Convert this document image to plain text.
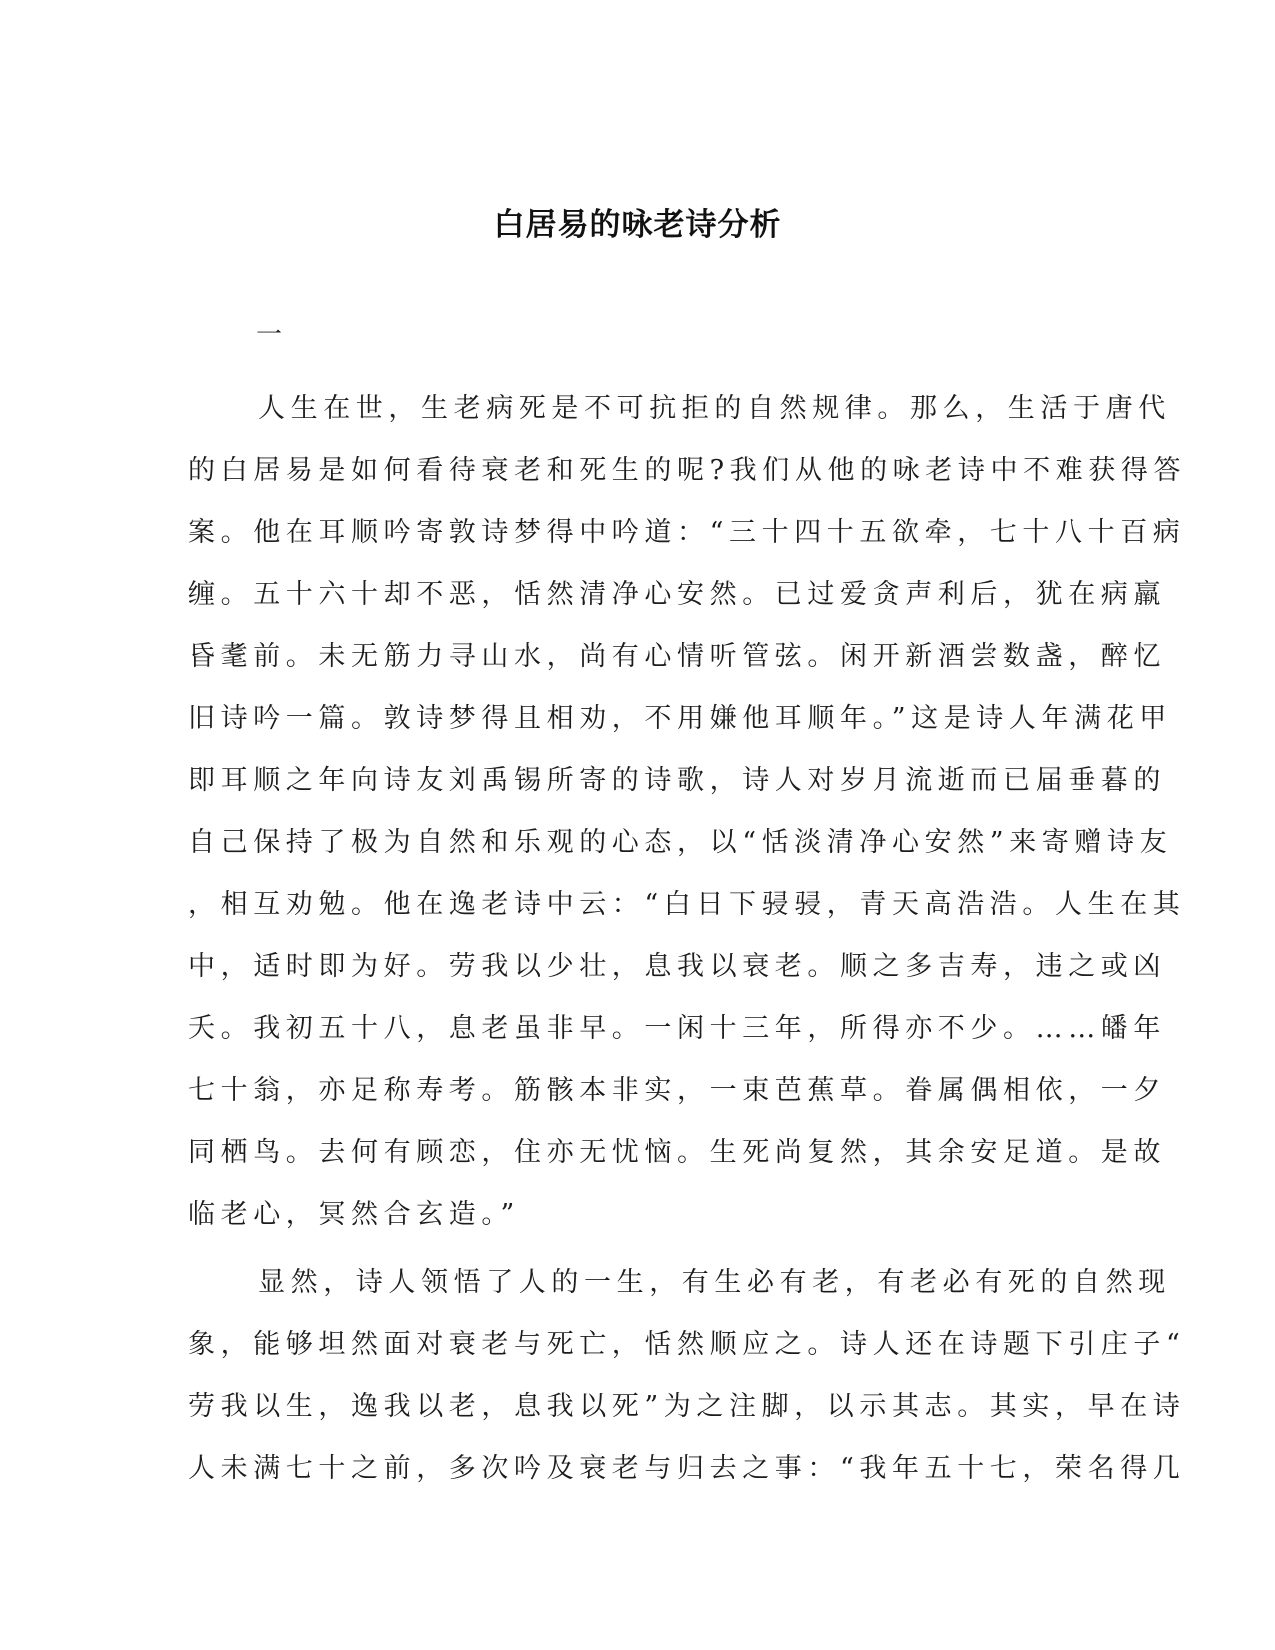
白居易的咏老诗分析
一
人生在世，生老病死是不可抗拒的自然规律。那么，生活于唐代
的白居易是如何看待衰老和死生的呢?我们从他的咏老诗中不难获得答
案。他在耳顺吟寄敦诗梦得中吟道：“三十四十五欲牵，七十八十百病
缠。五十六十却不恶，恬然清净心安然。已过爱贪声利后，犹在病羸
昏耄前。未无筋力寻山水，尚有心情听管弦。闲开新酒尝数盏，醉忆
旧诗吟一篇。敦诗梦得且相劝，不用嫌他耳顺年。”这是诗人年满花甲
即耳顺之年向诗友刘禹锡所寄的诗歌，诗人对岁月流逝而已届垂暮的
自己保持了极为自然和乐观的心态，以“恬淡清净心安然”来寄赠诗友
，相互劝勉。他在逸老诗中云：“白日下骎骎，青天高浩浩。人生在其
中，适时即为好。劳我以少壮，息我以衰老。顺之多吉寿，违之或凶
夭。我初五十八，息老虽非早。一闲十三年，所得亦不少。……皤年
七十翁，亦足称寿考。筋骸本非实，一束芭蕉草。眷属偶相依，一夕
同栖鸟。去何有顾恋，住亦无忧恼。生死尚复然，其余安足道。是故
临老心，冥然合玄造。”
显然，诗人领悟了人的一生，有生必有老，有老必有死的自然现
象，能够坦然面对衰老与死亡，恬然顺应之。诗人还在诗题下引庄子“
劳我以生，逸我以老，息我以死”为之注脚，以示其志。其实，早在诗
人未满七十之前，多次吟及衰老与归去之事：“我年五十七，荣名得几
